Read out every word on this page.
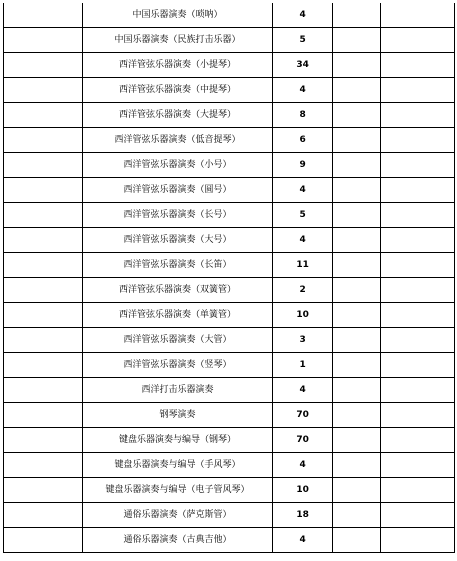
	中国乐器演奏（唢呐）	4		
	中国乐器演奏（民族打击乐器）	5		
	西洋管弦乐器演奏（小提琴）	34		
	西洋管弦乐器演奏（中提琴）	4		
	西洋管弦乐器演奏（大提琴）	8		
	西洋管弦乐器演奏（低音提琴）	6		
	西洋管弦乐器演奏（小号）	9		
	西洋管弦乐器演奏（圆号）	4		
	西洋管弦乐器演奏（长号）	5		
	西洋管弦乐器演奏（大号）	4		
	西洋管弦乐器演奏（长笛）	11		
	西洋管弦乐器演奏（双簧管）	2		
	西洋管弦乐器演奏（单簧管）	10		
	西洋管弦乐器演奏（大管）	3		
	西洋管弦乐器演奏（竖琴）	1		
	西洋打击乐器演奏	4		
	钢琴演奏	70		
	键盘乐器演奏与编导（钢琴）	70		
	键盘乐器演奏与编导（手风琴）	4		
	键盘乐器演奏与编导（电子管风琴）	10		
	通俗乐器演奏（萨克斯管）	18		
	通俗乐器演奏（古典吉他）	4		
